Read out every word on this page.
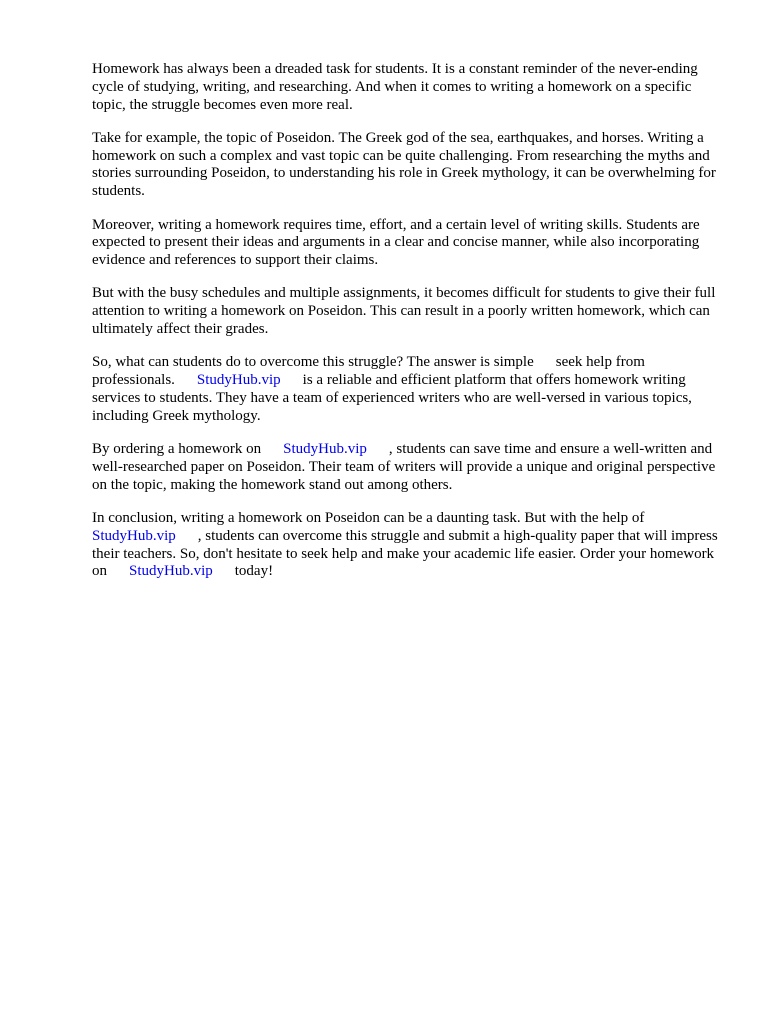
Homework has always been a dreaded task for students. It is a constant reminder of the never-ending cycle of studying, writing, and researching. And when it comes to writing a homework on a specific topic, the struggle becomes even more real.

Take for example, the topic of Poseidon. The Greek god of the sea, earthquakes, and horses. Writing a homework on such a complex and vast topic can be quite challenging. From researching the myths and stories surrounding Poseidon, to understanding his role in Greek mythology, it can be overwhelming for students.

Moreover, writing a homework requires time, effort, and a certain level of writing skills. Students are expected to present their ideas and arguments in a clear and concise manner, while also incorporating evidence and references to support their claims.

But with the busy schedules and multiple assignments, it becomes difficult for students to give their full attention to writing a homework on Poseidon. This can result in a poorly written homework, which can ultimately affect their grades.

So, what can students do to overcome this struggle? The answer is simple seek help from professionals. StudyHub.vip is a reliable and efficient platform that offers homework writing services to students. They have a team of experienced writers who are well-versed in various topics, including Greek mythology.

By ordering a homework on StudyHub.vip , students can save time and ensure a well-written and well-researched paper on Poseidon. Their team of writers will provide a unique and original perspective on the topic, making the homework stand out among others.

In conclusion, writing a homework on Poseidon can be a daunting task. But with the help of StudyHub.vip , students can overcome this struggle and submit a high-quality paper that will impress their teachers. So, don't hesitate to seek help and make your academic life easier. Order your homework on StudyHub.vip today!
